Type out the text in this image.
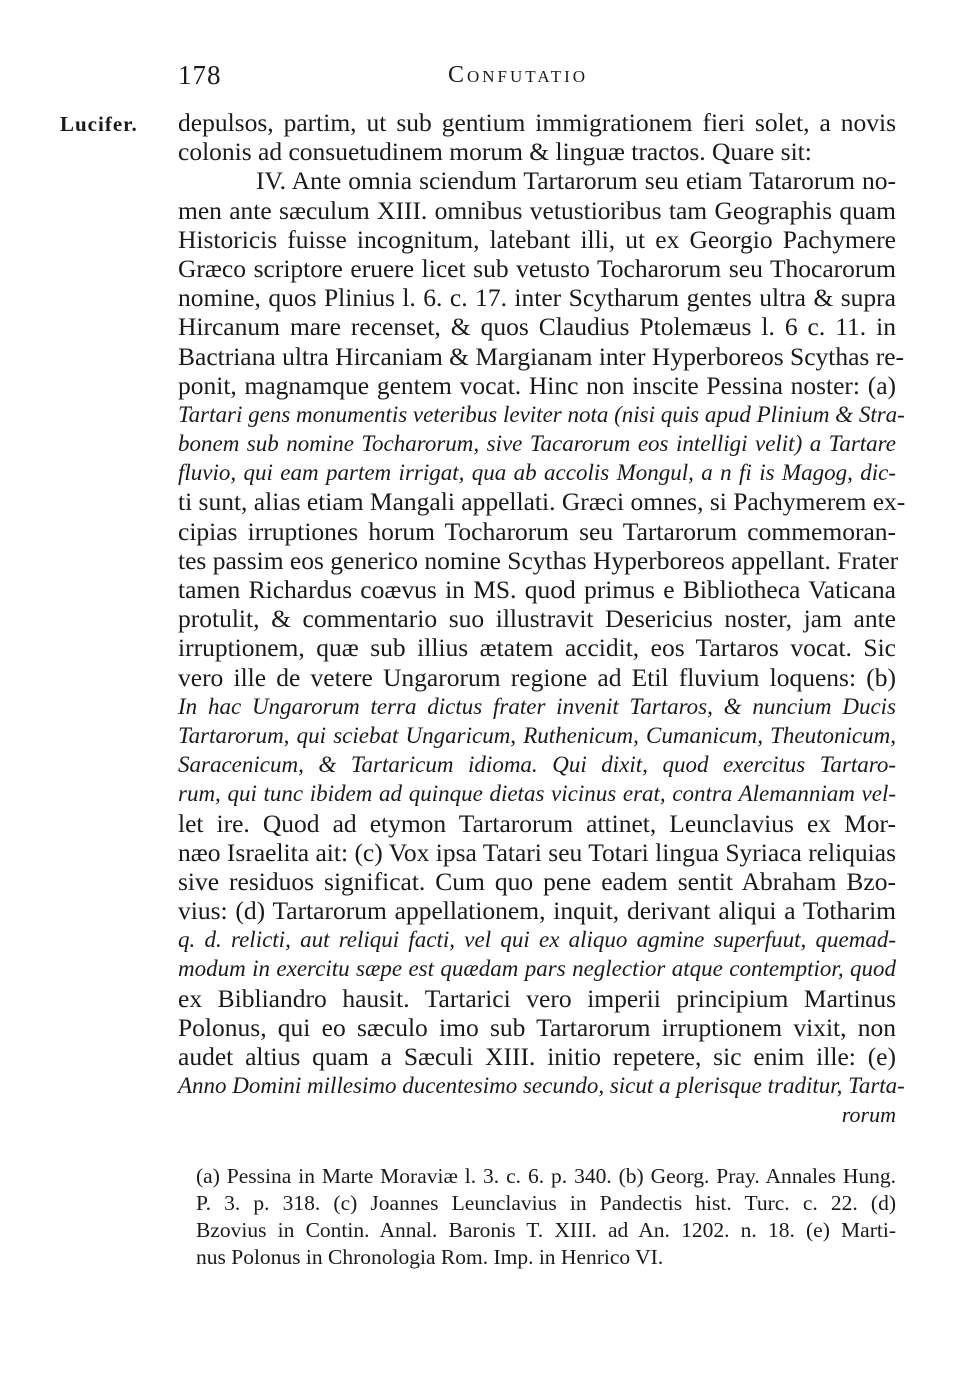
178	Confutatio
Lucifer. depulsos, partim, ut sub gentium immigrationem fieri solet, a novis
colonis ad consuetudinem morum & linguæ tractos. Quare sit:
IV. Ante omnia sciendum Tartarorum seu etiam Tatarorum no-
men ante sæculum XIII. omnibus vetustioribus tam Geographis quam
Historicis fuisse incognitum, latebant illi, ut ex Georgio Pachymere
Græco scriptore eruere licet sub vetusto Tocharorum seu Thocarorum
nomine, quos Plinius l. 6. c. 17. inter Scytharum gentes ultra & supra
Hircanum mare recenset, & quos Claudius Ptolemæus l. 6 c. 11. in
Bactriana ultra Hircaniam & Margianam inter Hyperboreos Scythas re-
ponit, magnamque gentem vocat. Hinc non inscite Pessina noster: (a)
Tartari gens monumentis veteribus leviter nota (nisi quis apud Plinium & Stra-
bonem sub nomine Tocharorum, sive Tacarorum eos intelligi velit) a Tartare
fluvio, qui eam partem irrigat, qua ab accolis Mongul, a n fi is Magog, dic-
ti sunt, alias etiam Mangali appellati. Græci omnes, si Pachymerem ex-
cipias irruptiones horum Tocharorum seu Tartarorum commemoran-
tes passim eos generico nomine Scythas Hyperboreos appellant. Frater
tamen Richardus coævus in MS. quod primus e Bibliotheca Vaticana
protulit, & commentario suo illustravit Desericius noster, jam ante
irruptionem, quæ sub illius ætatem accidit, eos Tartaros vocat. Sic
vero ille de vetere Ungarorum regione ad Etil fluvium loquens: (b)
In hac Ungarorum terra dictus frater invenit Tartaros, & nuncium Ducis
Tartarorum, qui sciebat Ungaricum, Ruthenicum, Cumanicum, Theutonicum,
Saracenicum, & Tartaricum idioma. Qui dixit, quod exercitus Tartaro-
rum, qui tunc ibidem ad quinque dietas vicinus erat, contra Alemanniam vel-
let ire. Quod ad etymon Tartarorum attinet, Leunclavius ex Mor-
næo Israelita ait: (c) Vox ipsa Tatari seu Totari lingua Syriaca reliquias
sive residuos significat. Cum quo pene eadem sentit Abraham Bzo-
vius: (d) Tartarorum appellationem, inquit, derivant aliqui a Totharim
q. d. relicti, aut reliqui facti, vel qui ex aliquo agmine superfuut, quemad-
modum in exercitu sæpe est quædam pars neglectior atque contemptior, quod
ex Bibliandro hausit. Tartarici vero imperii principium Martinus
Polonus, qui eo sæculo imo sub Tartarorum irruptionem vixit, non
audet altius quam a Sæculi XIII. initio repetere, sic enim ille: (e)
Anno Domini millesimo ducentesimo secundo, sicut a plerisque traditur, Tarta-
rorum
(a) Pessina in Marte Moraviæ l. 3. c. 6. p. 340. (b) Georg. Pray. Annales Hung.
P. 3. p. 318. (c) Joannes Leunclavius in Pandectis hist. Turc. c. 22. (d)
Bzovius in Contin. Annal. Baronis T. XIII. ad An. 1202. n. 18. (e) Marti-
nus Polonus in Chronologia Rom. Imp. in Henrico VI.
